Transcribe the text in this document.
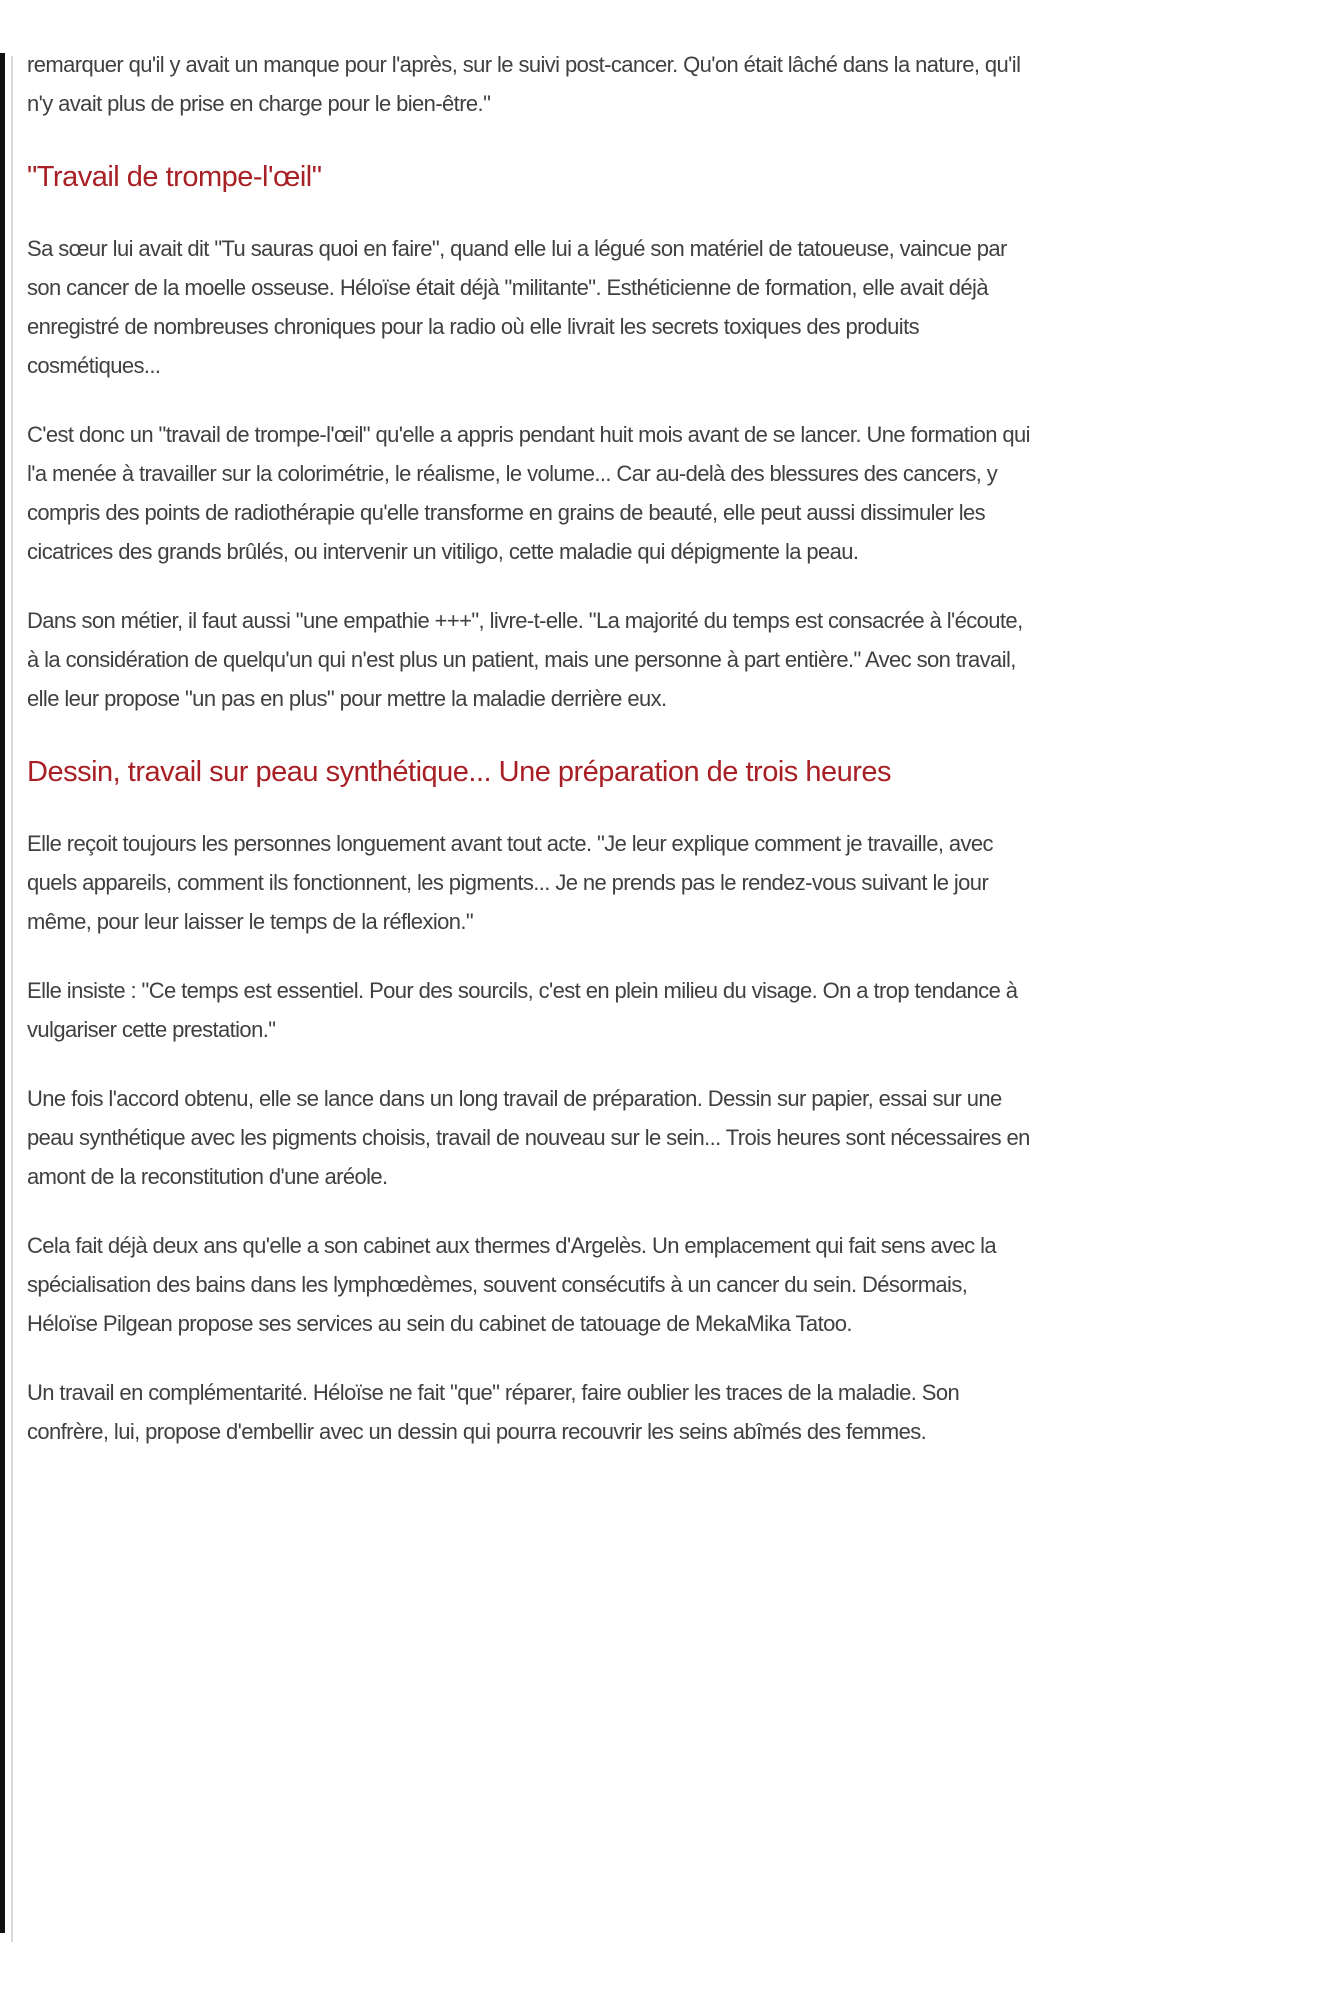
remarquer qu'il y avait un manque pour l'après, sur le suivi post-cancer. Qu'on était lâché dans la nature, qu'il n'y avait plus de prise en charge pour le bien-être."

"Travail de trompe-l'œil"

Sa sœur lui avait dit "Tu sauras quoi en faire", quand elle lui a légué son matériel de tatoueuse, vaincue par son cancer de la moelle osseuse. Héloïse était déjà "militante". Esthéticienne de formation, elle avait déjà enregistré de nombreuses chroniques pour la radio où elle livrait les secrets toxiques des produits cosmétiques...

C'est donc un "travail de trompe-l'œil" qu'elle a appris pendant huit mois avant de se lancer. Une formation qui l'a menée à travailler sur la colorimétrie, le réalisme, le volume... Car au-delà des blessures des cancers, y compris des points de radiothérapie qu'elle transforme en grains de beauté, elle peut aussi dissimuler les cicatrices des grands brûlés, ou intervenir un vitiligo, cette maladie qui dépigmente la peau.

Dans son métier, il faut aussi "une empathie +++", livre-t-elle. "La majorité du temps est consacrée à l'écoute, à la considération de quelqu'un qui n'est plus un patient, mais une personne à part entière." Avec son travail, elle leur propose "un pas en plus" pour mettre la maladie derrière eux.

Dessin, travail sur peau synthétique... Une préparation de trois heures

Elle reçoit toujours les personnes longuement avant tout acte. "Je leur explique comment je travaille, avec quels appareils, comment ils fonctionnent, les pigments... Je ne prends pas le rendez-vous suivant le jour même, pour leur laisser le temps de la réflexion."

Elle insiste : "Ce temps est essentiel. Pour des sourcils, c'est en plein milieu du visage. On a trop tendance à vulgariser cette prestation."

Une fois l'accord obtenu, elle se lance dans un long travail de préparation. Dessin sur papier, essai sur une peau synthétique avec les pigments choisis, travail de nouveau sur le sein... Trois heures sont nécessaires en amont de la reconstitution d'une aréole.

Cela fait déjà deux ans qu'elle a son cabinet aux thermes d'Argelès. Un emplacement qui fait sens avec la spécialisation des bains dans les lymphœdèmes, souvent consécutifs à un cancer du sein. Désormais, Héloïse Pilgean propose ses services au sein du cabinet de tatouage de MekaMika Tatoo.

Un travail en complémentarité. Héloïse ne fait "que" réparer, faire oublier les traces de la maladie. Son confrère, lui, propose d'embellir avec un dessin qui pourra recouvrir les seins abîmés des femmes.
